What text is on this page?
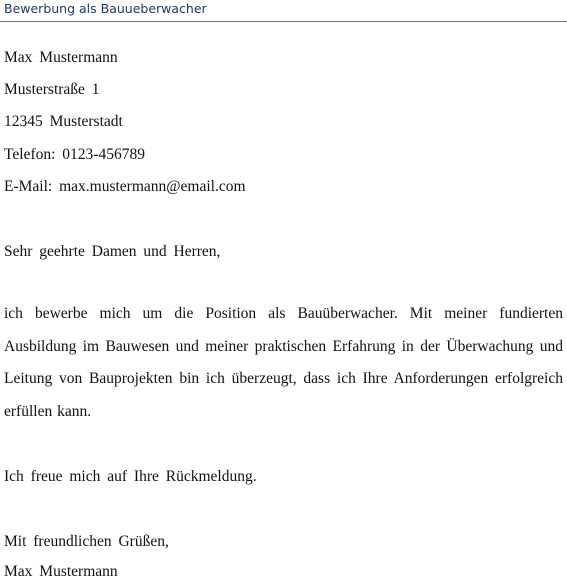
Bewerbung als Bauueberwacher
Max Mustermann
Musterstraße 1
12345 Musterstadt
Telefon: 0123-456789
E-Mail: max.mustermann@email.com
Sehr geehrte Damen und Herren,
ich bewerbe mich um die Position als Bauüberwacher. Mit meiner fundierten Ausbildung im Bauwesen und meiner praktischen Erfahrung in der Überwachung und Leitung von Bauprojekten bin ich überzeugt, dass ich Ihre Anforderungen erfolgreich erfüllen kann.
Ich freue mich auf Ihre Rückmeldung.
Mit freundlichen Grüßen,
Max Mustermann
